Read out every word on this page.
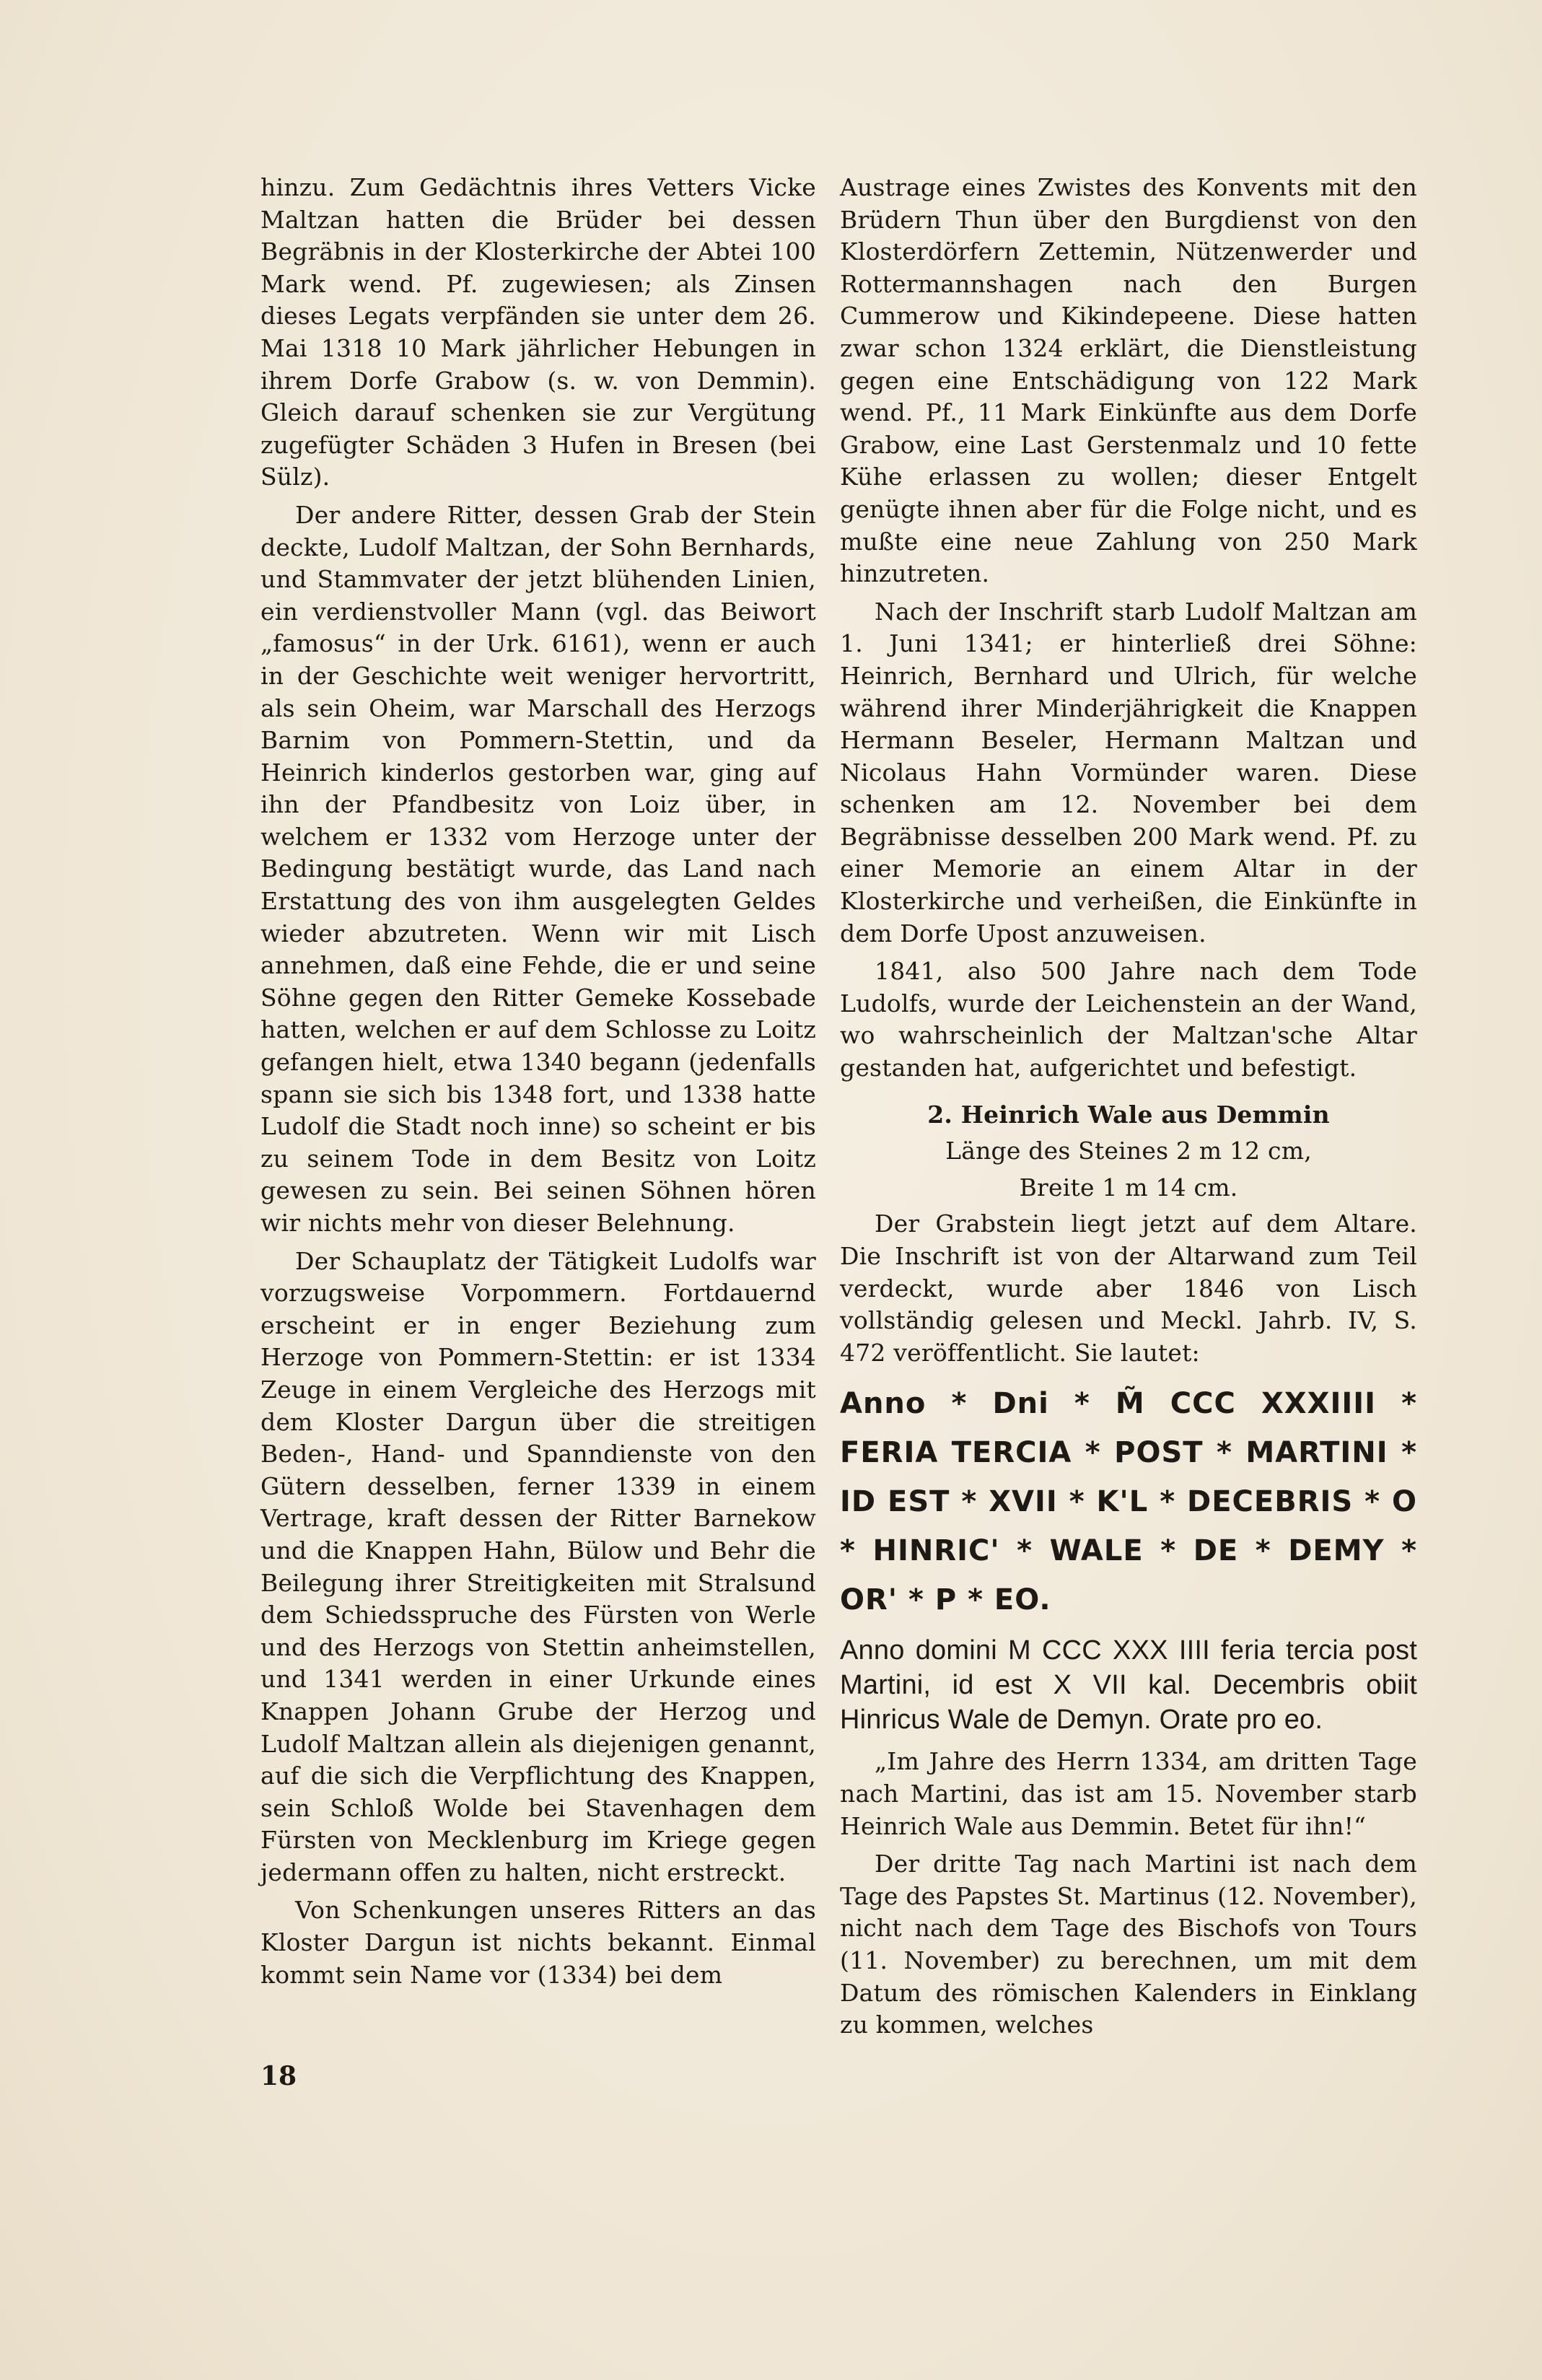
hinzu. Zum Gedächtnis ihres Vetters Vicke Maltzan hatten die Brüder bei dessen Begräbnis in der Klosterkirche der Abtei 100 Mark wend. Pf. zugewiesen; als Zinsen dieses Legats verpfänden sie unter dem 26. Mai 1318 10 Mark jährlicher Hebungen in ihrem Dorfe Grabow (s. w. von Demmin). Gleich darauf schenken sie zur Vergütung zugefügter Schäden 3 Hufen in Bresen (bei Sülz).

Der andere Ritter, dessen Grab der Stein deckte, Ludolf Maltzan, der Sohn Bernhards, und Stammvater der jetzt blühenden Linien, ein verdienstvoller Mann (vgl. das Beiwort „famosus“ in der Urk. 6161), wenn er auch in der Geschichte weit weniger hervortritt, als sein Oheim, war Marschall des Herzogs Barnim von Pommern-Stettin, und da Heinrich kinderlos gestorben war, ging auf ihn der Pfandbesitz von Loiz über, in welchem er 1332 vom Herzoge unter der Bedingung bestätigt wurde, das Land nach Erstattung des von ihm ausgelegten Geldes wieder abzutreten. Wenn wir mit Lisch annehmen, daß eine Fehde, die er und seine Söhne gegen den Ritter Gemeke Kossebade hatten, welchen er auf dem Schlosse zu Loitz gefangen hielt, etwa 1340 begann (jedenfalls spann sie sich bis 1348 fort, und 1338 hatte Ludolf die Stadt noch inne) so scheint er bis zu seinem Tode in dem Besitz von Loitz gewesen zu sein. Bei seinen Söhnen hören wir nichts mehr von dieser Belehnung.

Der Schauplatz der Tätigkeit Ludolfs war vorzugsweise Vorpommern. Fortdauernd erscheint er in enger Beziehung zum Herzoge von Pommern-Stettin: er ist 1334 Zeuge in einem Vergleiche des Herzogs mit dem Kloster Dargun über die streitigen Beden-, Hand- und Spanndienste von den Gütern desselben, ferner 1339 in einem Vertrage, kraft dessen der Ritter Barnekow und die Knappen Hahn, Bülow und Behr die Beilegung ihrer Streitigkeiten mit Stralsund dem Schiedsspruche des Fürsten von Werle und des Herzogs von Stettin anheimstellen, und 1341 werden in einer Urkunde eines Knappen Johann Grube der Herzog und Ludolf Maltzan allein als diejenigen genannt, auf die sich die Verpflichtung des Knappen, sein Schloß Wolde bei Stavenhagen dem Fürsten von Mecklenburg im Kriege gegen jedermann offen zu halten, nicht erstreckt.

Von Schenkungen unseres Ritters an das Kloster Dargun ist nichts bekannt. Einmal kommt sein Name vor (1334) bei dem

Austrage eines Zwistes des Konvents mit den Brüdern Thun über den Burgdienst von den Klosterdörfern Zettemin, Nützenwerder und Rottermannshagen nach den Burgen Cummerow und Kikindepeene. Diese hatten zwar schon 1324 erklärt, die Dienstleistung gegen eine Entschädigung von 122 Mark wend. Pf., 11 Mark Einkünfte aus dem Dorfe Grabow, eine Last Gerstenmalz und 10 fette Kühe erlassen zu wollen; dieser Entgelt genügte ihnen aber für die Folge nicht, und es mußte eine neue Zahlung von 250 Mark hinzutreten.

Nach der Inschrift starb Ludolf Maltzan am 1. Juni 1341; er hinterließ drei Söhne: Heinrich, Bernhard und Ulrich, für welche während ihrer Minderjährigkeit die Knappen Hermann Beseler, Hermann Maltzan und Nicolaus Hahn Vormünder waren. Diese schenken am 12. November bei dem Begräbnisse desselben 200 Mark wend. Pf. zu einer Memorie an einem Altar in der Klosterkirche und verheißen, die Einkünfte in dem Dorfe Upost anzuweisen.

1841, also 500 Jahre nach dem Tode Ludolfs, wurde der Leichenstein an der Wand, wo wahrscheinlich der Maltzan'sche Altar gestanden hat, aufgerichtet und befestigt.

2. Heinrich Wale aus Demmin
Länge des Steines 2 m 12 cm,
Breite 1 m 14 cm.

Der Grabstein liegt jetzt auf dem Altare. Die Inschrift ist von der Altarwand zum Teil verdeckt, wurde aber 1846 von Lisch vollständig gelesen und Meckl. Jahrb. IV, S. 472 veröffentlicht. Sie lautet:

Anno * Dni * M̃ CCC XXXIIII * FERIA TERCIA * POST * MARTINI * ID EST * XVII * K'L * DECEBRIS * O * HINRIC' * WALE * DE * DEMY * OR' * P * EO.
Anno domini M CCC XXX IIII feria tercia post Martini, id est X VII kal. Decembris obiit Hinricus Wale de Demyn. Orate pro eo.

„Im Jahre des Herrn 1334, am dritten Tage nach Martini, das ist am 15. November starb Heinrich Wale aus Demmin. Betet für ihn!“

Der dritte Tag nach Martini ist nach dem Tage des Papstes St. Martinus (12. November), nicht nach dem Tage des Bischofs von Tours (11. November) zu berechnen, um mit dem Datum des römischen Kalenders in Einklang zu kommen, welches

18
